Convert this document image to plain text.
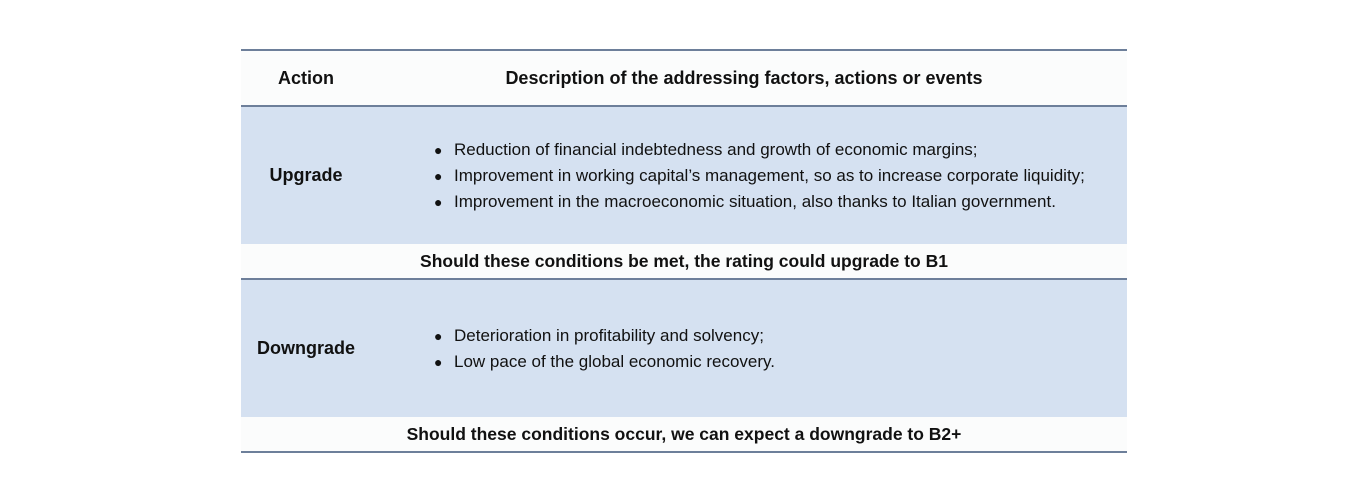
Action	Description of the addressing factors, actions or events
Upgrade
● Reduction of financial indebtedness and growth of economic margins;
● Improvement in working capital’s management, so as to increase corporate liquidity;
● Improvement in the macroeconomic situation, also thanks to Italian government.
Should these conditions be met, the rating could upgrade to B1
Downgrade
● Deterioration in profitability and solvency;
● Low pace of the global economic recovery.
Should these conditions occur, we can expect a downgrade to B2+
